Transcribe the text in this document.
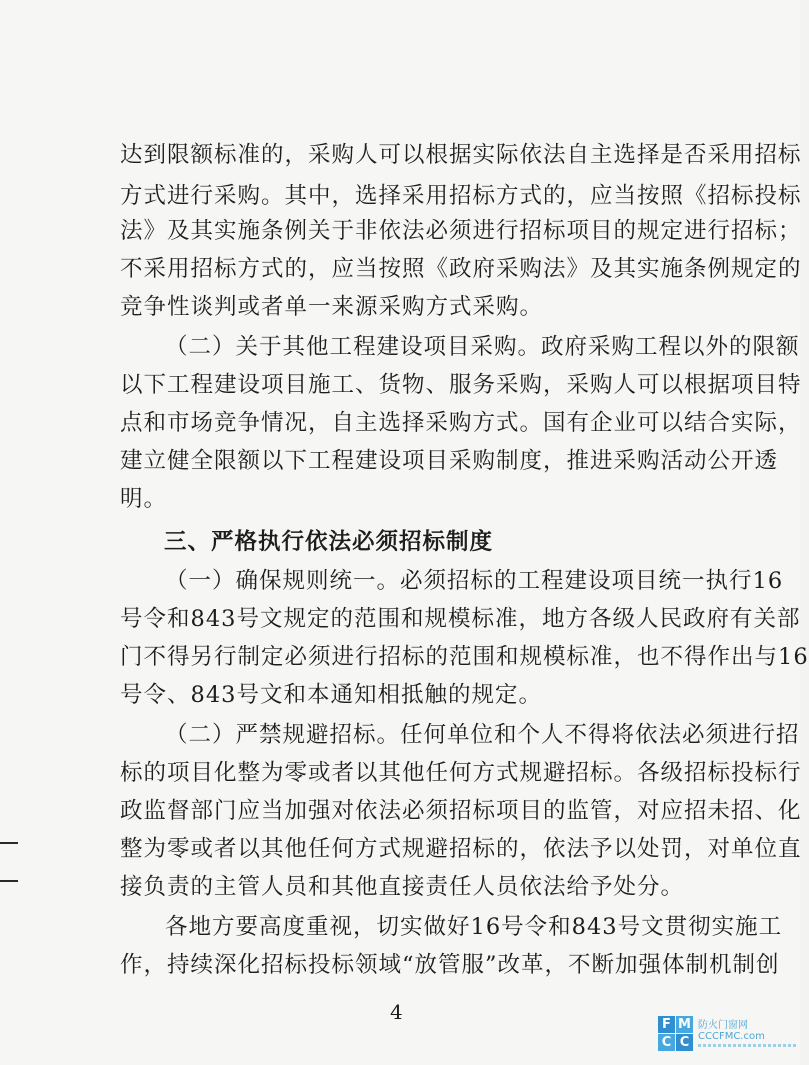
达到限额标准的，采购人可以根据实际依法自主选择是否采用招标
方式进行采购。其中，选择采用招标方式的，应当按照《招标投标
法》及其实施条例关于非依法必须进行招标项目的规定进行招标；
不采用招标方式的，应当按照《政府采购法》及其实施条例规定的
竞争性谈判或者单一来源采购方式采购。
（二）关于其他工程建设项目采购。政府采购工程以外的限额
以下工程建设项目施工、货物、服务采购，采购人可以根据项目特
点和市场竞争情况，自主选择采购方式。国有企业可以结合实际，
建立健全限额以下工程建设项目采购制度，推进采购活动公开透
明。
三、严格执行依法必须招标制度
（一）确保规则统一。必须招标的工程建设项目统一执行16
号令和843号文规定的范围和规模标准，地方各级人民政府有关部
门不得另行制定必须进行招标的范围和规模标准，也不得作出与16
号令、843号文和本通知相抵触的规定。
（二）严禁规避招标。任何单位和个人不得将依法必须进行招
标的项目化整为零或者以其他任何方式规避招标。各级招标投标行
政监督部门应当加强对依法必须招标项目的监管，对应招未招、化
整为零或者以其他任何方式规避招标的，依法予以处罚，对单位直
接负责的主管人员和其他直接责任人员依法给予处分。
各地方要高度重视，切实做好16号令和843号文贯彻实施工
作，持续深化招标投标领域“放管服”改革，不断加强体制机制创
4
F M
C C
防火门窗网
CCCFMC.com
